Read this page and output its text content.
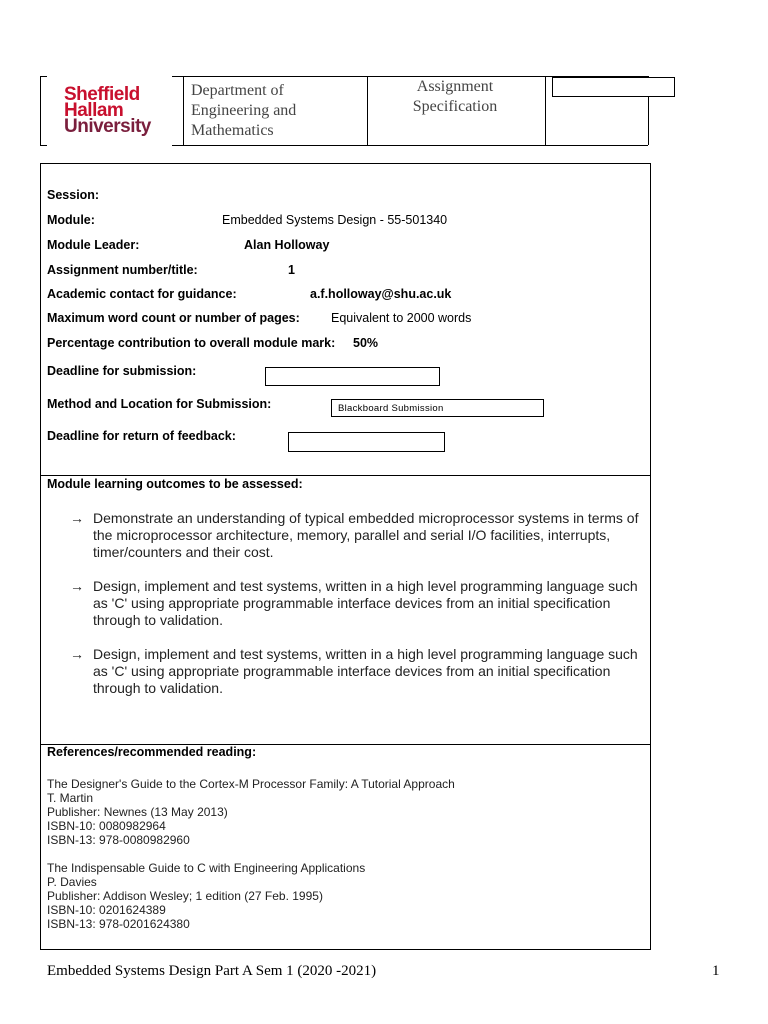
Sheffield
Hallam
University
Department of Engineering and Mathematics
Assignment Specification
Session:
Module:	Embedded Systems Design - 55-501340
Module Leader:	Alan Holloway
Assignment number/title:	1
Academic contact for guidance:	a.f.holloway@shu.ac.uk
Maximum word count or number of pages: Equivalent to 2000 words
Percentage contribution to overall module mark: 50%
Deadline for submission:
Method and Location for Submission:	Blackboard Submission
Deadline for return of feedback:
Module learning outcomes to be assessed:
→ Demonstrate an understanding of typical embedded microprocessor systems in terms of the microprocessor architecture, memory, parallel and serial I/O facilities, interrupts, timer/counters and their cost.
→ Design, implement and test systems, written in a high level programming language such as 'C' using appropriate programmable interface devices from an initial specification through to validation.
→ Design, implement and test systems, written in a high level programming language such as 'C' using appropriate programmable interface devices from an initial specification through to validation.
References/recommended reading:
The Designer's Guide to the Cortex-M Processor Family: A Tutorial Approach
T. Martin
Publisher: Newnes (13 May 2013)
ISBN-10: 0080982964
ISBN-13: 978-0080982960
The Indispensable Guide to C with Engineering Applications
P. Davies
Publisher: Addison Wesley; 1 edition (27 Feb. 1995)
ISBN-10: 0201624389
ISBN-13: 978-0201624380
Embedded Systems Design Part A Sem 1 (2020 -2021)	1
